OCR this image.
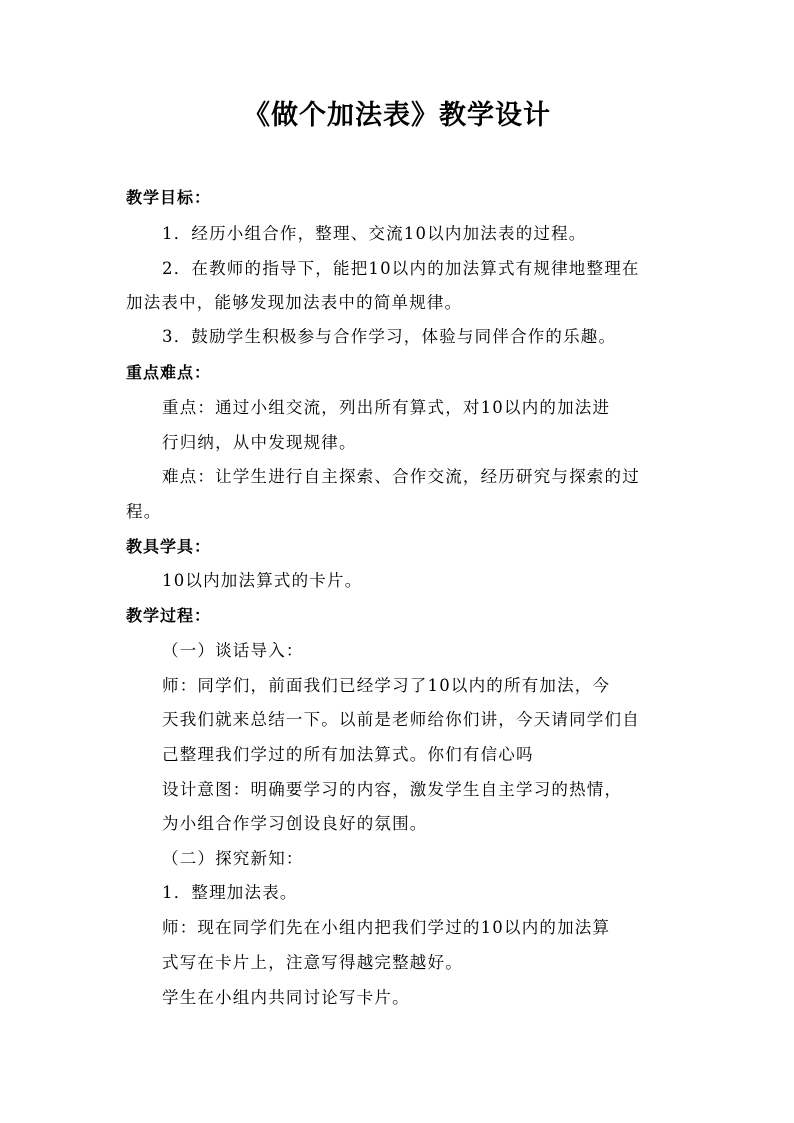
《做个加法表》教学设计
教学目标：
1．经历小组合作，整理、交流10以内加法表的过程。
2．在教师的指导下，能把10以内的加法算式有规律地整理在
加法表中，能够发现加法表中的简单规律。
3．鼓励学生积极参与合作学习，体验与同伴合作的乐趣。
重点难点：
重点：通过小组交流，列出所有算式，对10以内的加法进
行归纳，从中发现规律。
难点：让学生进行自主探索、合作交流，经历研究与探索的过
程。
教具学具：
10以内加法算式的卡片。
教学过程：
（一）谈话导入：
师：同学们，前面我们已经学习了10以内的所有加法，今
天我们就来总结一下。以前是老师给你们讲，今天请同学们自
己整理我们学过的所有加法算式。你们有信心吗
设计意图：明确要学习的内容，激发学生自主学习的热情，
为小组合作学习创设良好的氛围。
（二）探究新知：
1．整理加法表。
师：现在同学们先在小组内把我们学过的10以内的加法算
式写在卡片上，注意写得越完整越好。
学生在小组内共同讨论写卡片。
